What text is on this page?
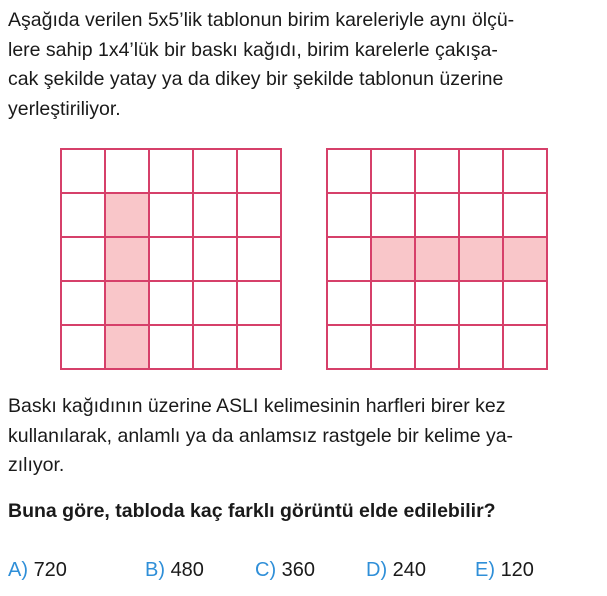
Aşağıda verilen 5x5’lik tablonun birim kareleriyle aynı ölçü-
lere sahip 1x4’lük bir baskı kağıdı, birim karelerle çakışa-
cak şekilde yatay ya da dikey bir şekilde tablonun üzerine
yerleştiriliyor.

Baskı kağıdının üzerine ASLI kelimesinin harfleri birer kez
kullanılarak, anlamlı ya da anlamsız rastgele bir kelime ya-
zılıyor.

Buna göre, tabloda kaç farklı görüntü elde edilebilir?

A) 720	B) 480	C) 360	D) 240 E) 120
